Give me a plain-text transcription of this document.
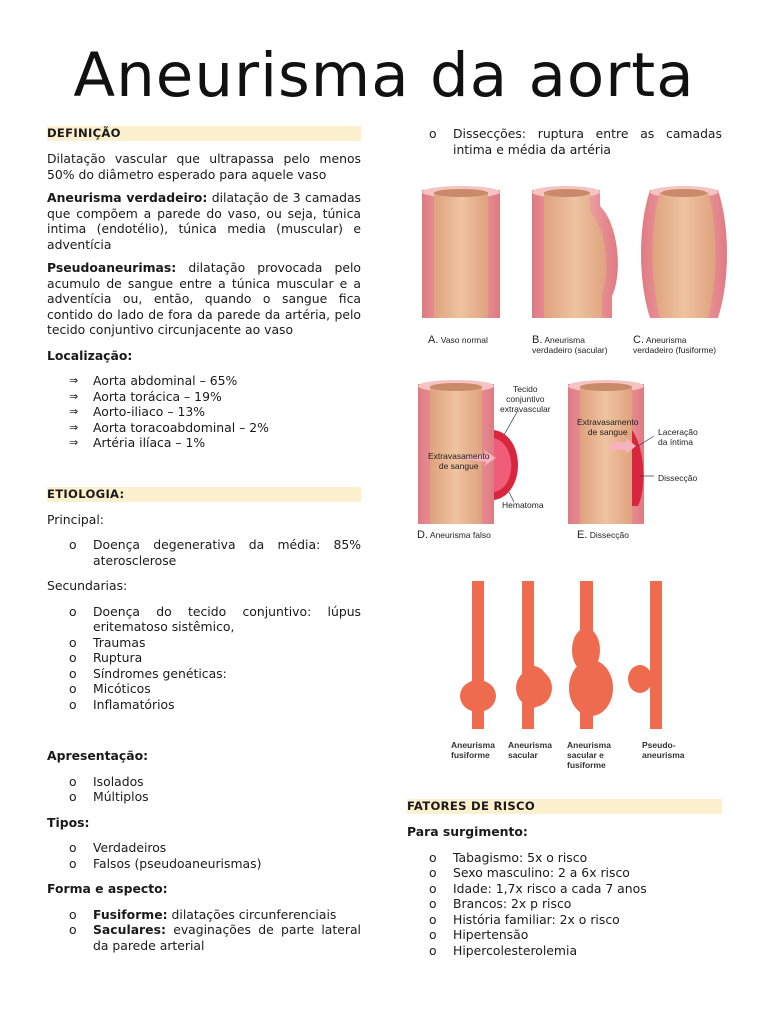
Aneurisma da aorta
DEFINIÇÃO

Dilatação vascular que ultrapassa pelo menos 50% do diâmetro esperado para aquele vaso

Aneurisma verdadeiro: dilatação de 3 camadas que compõem a parede do vaso, ou seja, túnica intima (endotélio), túnica media (muscular) e adventícia

Pseudoaneurimas: dilatação provocada pelo acumulo de sangue entre a túnica muscular e a adventícia ou, então, quando o sangue fica contido do lado de fora da parede da artéria, pelo tecido conjuntivo circunjacente ao vaso

Localização:
⇒ Aorta abdominal – 65%
⇒ Aorta torácica – 19%
⇒ Aorto-iliaco – 13%
⇒ Aorta toracoabdominal – 2%
⇒ Artéria ilíaca – 1%
ETIOLOGIA:

Principal:

o Doença degenerativa da média: 85% aterosclerose

Secundarias:

o Doença do tecido conjuntivo: lúpus eritematoso sistêmico,
o Traumas
o Ruptura
o Síndromes genéticas:
o Micóticos
o Inflamatórios
Apresentação:
o Isolados
o Múltiplos
Tipos:
o Verdadeiros
o Falsos (pseudoaneurismas)
Forma e aspecto:
o Fusiforme: dilatações circunferenciais
o Saculares: evaginações de parte lateral da parede arterial
o Dissecções: ruptura entre as camadas intima e média da artéria
A. Vaso normal	B. Aneurisma
verdadeiro (sacular)
C. Aneurisma
verdadeiro (fusiforme)
Tecido
conjuntivo
extravascular
Extravasamento
de sangue
Hematoma
D. Aneurisma falso
Extravasamento
de sangue	Laceração
da íntima
Dissecção
E. Dissecção
Aneurisma
fusiforme
Aneurisma
sacular
Aneurisma
sacular e
fusiforme
Pseudo-
aneurisma
FATORES DE RISCO
Para surgimento:
o Tabagismo: 5x o risco
o Sexo masculino: 2 a 6x risco
o Idade: 1,7x risco a cada 7 anos
o Brancos: 2x p risco
o História familiar: 2x o risco
o Hipertensão
o Hipercolesterolemia
